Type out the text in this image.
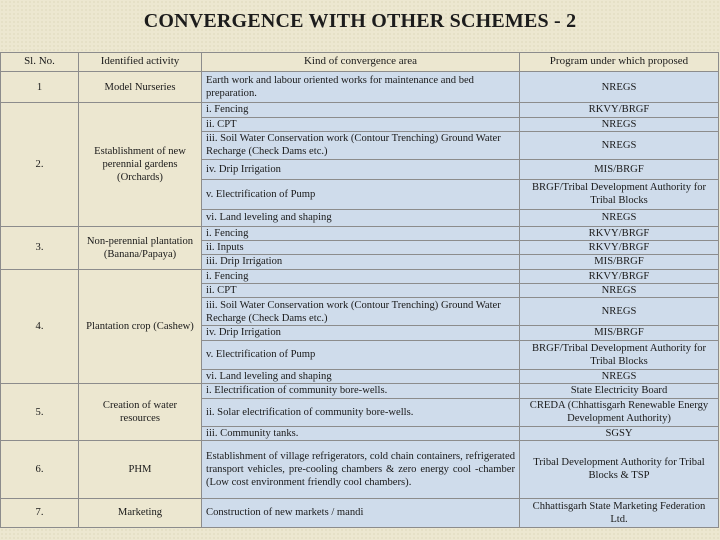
CONVERGENCE WITH OTHER SCHEMES - 2
Sl. No.	Identified activity	Kind of convergence area	Program under which proposed
1	Model Nurseries	Earth work and labour oriented works for maintenance and bed preparation.	NREGS
2.	Establishment of new perennial gardens (Orchards)	i. Fencing	RKVY/BRGF
		ii. CPT	NREGS
		iii. Soil Water Conservation work (Contour Trenching) Ground Water Recharge (Check Dams etc.)	NREGS
		iv. Drip Irrigation	MIS/BRGF
		v. Electrification of Pump	BRGF/Tribal Development Authority for Tribal Blocks
		vi. Land leveling and shaping	NREGS
3.	Non-perennial plantation (Banana/Papaya)	i. Fencing	RKVY/BRGF
		ii. Inputs	RKVY/BRGF
		iii. Drip Irrigation	MIS/BRGF
4.	Plantation crop (Cashew)	i. Fencing	RKVY/BRGF
		ii. CPT	NREGS
		iii. Soil Water Conservation work (Contour Trenching) Ground Water Recharge (Check Dams etc.)	NREGS
		iv. Drip Irrigation	MIS/BRGF
		v. Electrification of Pump	BRGF/Tribal Development Authority for Tribal Blocks
		vi. Land leveling and shaping	NREGS
5.	Creation of water resources	i. Electrification of community bore-wells.	State Electricity Board
		ii. Solar electrification of community bore-wells.	CREDA (Chhattisgarh Renewable Energy Development Authority)
		iii. Community tanks.	SGSY
6.	PHM	Establishment of village refrigerators, cold chain containers, refrigerated transport vehicles, pre-cooling chambers & zero energy cool -chamber (Low cost environment friendly cool chambers).	Tribal Development Authority for Tribal Blocks & TSP
7.	Marketing	Construction of new markets / mandi	Chhattisgarh State Marketing Federation Ltd.
